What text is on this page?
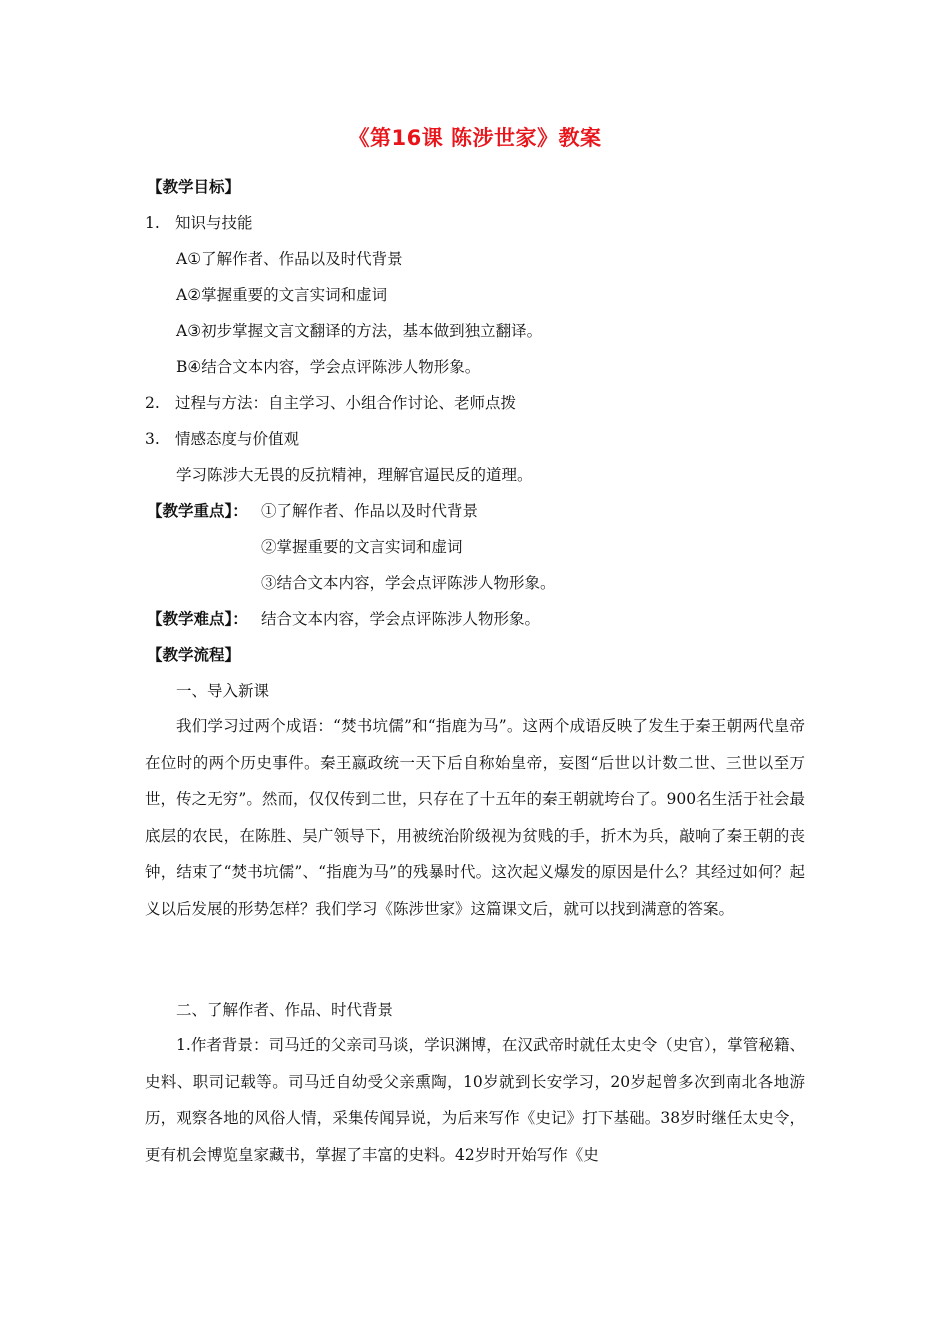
《第16课 陈涉世家》教案
【教学目标】
1. 知识与技能
A①了解作者、作品以及时代背景
A②掌握重要的文言实词和虚词
A③初步掌握文言文翻译的方法，基本做到独立翻译。
B④结合文本内容，学会点评陈涉人物形象。
2. 过程与方法：自主学习、小组合作讨论、老师点拨
3. 情感态度与价值观
学习陈涉大无畏的反抗精神，理解官逼民反的道理。
【教学重点】： ①了解作者、作品以及时代背景
②掌握重要的文言实词和虚词
③结合文本内容，学会点评陈涉人物形象。
【教学难点】： 结合文本内容，学会点评陈涉人物形象。
【教学流程】
一、导入新课
我们学习过两个成语：“焚书坑儒”和“指鹿为马”。这两个成语反映了发生于秦王朝两代皇帝在位时的两个历史事件。秦王嬴政统一天下后自称始皇帝，妄图“后世以计数二世、三世以至万世，传之无穷”。然而，仅仅传到二世，只存在了十五年的秦王朝就垮台了。900名生活于社会最底层的农民，在陈胜、吴广领导下，用被统治阶级视为贫贱的手，折木为兵，敲响了秦王朝的丧钟，结束了“焚书坑儒”、“指鹿为马”的残暴时代。这次起义爆发的原因是什么？其经过如何？起义以后发展的形势怎样？我们学习《陈涉世家》这篇课文后，就可以找到满意的答案。
二、了解作者、作品、时代背景
1.作者背景：司马迁的父亲司马谈，学识渊博，在汉武帝时就任太史令（史官），掌管秘籍、史料、职司记载等。司马迁自幼受父亲熏陶，10岁就到长安学习，20岁起曾多次到南北各地游历，观察各地的风俗人情，采集传闻异说，为后来写作《史记》打下基础。38岁时继任太史令，更有机会博览皇家藏书，掌握了丰富的史料。42岁时开始写作《史
